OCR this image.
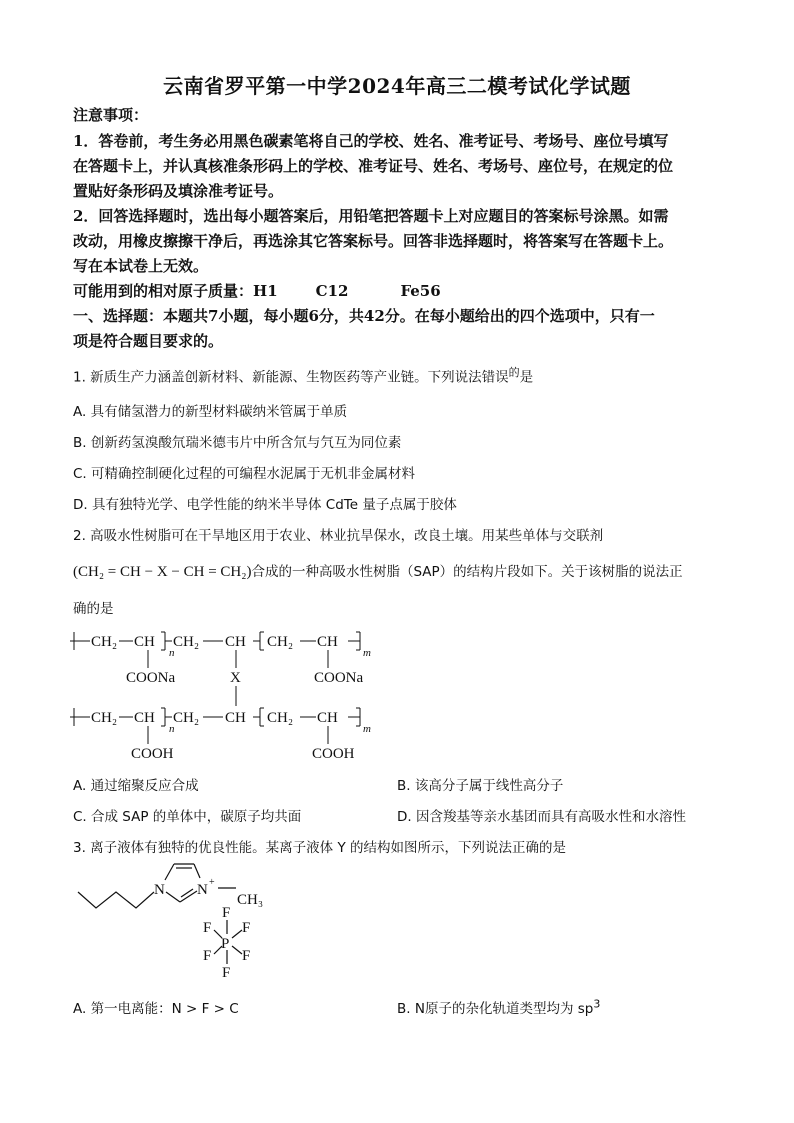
云南省罗平第一中学2024年高三二模考试化学试题
注意事项：
1．答卷前，考生务必用黑色碳素笔将自己的学校、姓名、准考证号、考场号、座位号填写
在答题卡上，并认真核准条形码上的学校、准考证号、姓名、考场号、座位号，在规定的位
置贴好条形码及填涂准考证号。
2．回答选择题时，选出每小题答案后，用铅笔把答题卡上对应题目的答案标号涂黑。如需
改动，用橡皮擦擦干净后，再选涂其它答案标号。回答非选择题时，将答案写在答题卡上。
写在本试卷上无效。
可能用到的相对原子质量：H1	C12	Fe56
一、选择题：本题共7小题，每小题6分，共42分。在每小题给出的四个选项中，只有一
项是符合题目要求的。
1. 新质生产力涵盖创新材料、新能源、生物医药等产业链。下列说法错误$^的$是
A. 具有储氢潜力的新型材料碳纳米管属于单质
B. 创新药氢溴酸氘瑞米德韦片中所含氘与氕互为同位素
C. 可精确控制硬化过程的可编程水泥属于无机非金属材料
D. 具有独特光学、电学性能的纳米半导体 CdTe 量子点属于胶体
2. 高吸水性树脂可在干旱地区用于农业、林业抗旱保水，改良土壤。用某些单体与交联剂
(CH₂ = CH − X − CH = CH₂)合成的一种高吸水性树脂（SAP）的结构片段如下。关于该树脂的说法正
确的是
CH₂ CH
n
CH₂ CH CH₂ CH
m
COONa	X	COONa
CH₂ CH
n
CH₂ CH CH₂ CH
m
COOH	COOH
A. 通过缩聚反应合成	B. 该高分子属于线性高分子
C. 合成 SAP 的单体中，碳原子均共面	D. 因含羧基等亲水基团而具有高吸水性和水溶性
3. 离子液体有独特的优良性能。某离子液体 Y 的结构如图所示，下列说法正确的是
N N +
CH₃
F
F F
P
F F
F
A. 第一电离能：N > F > C	B. N原子的杂化轨道类型均为 $sp^3$
